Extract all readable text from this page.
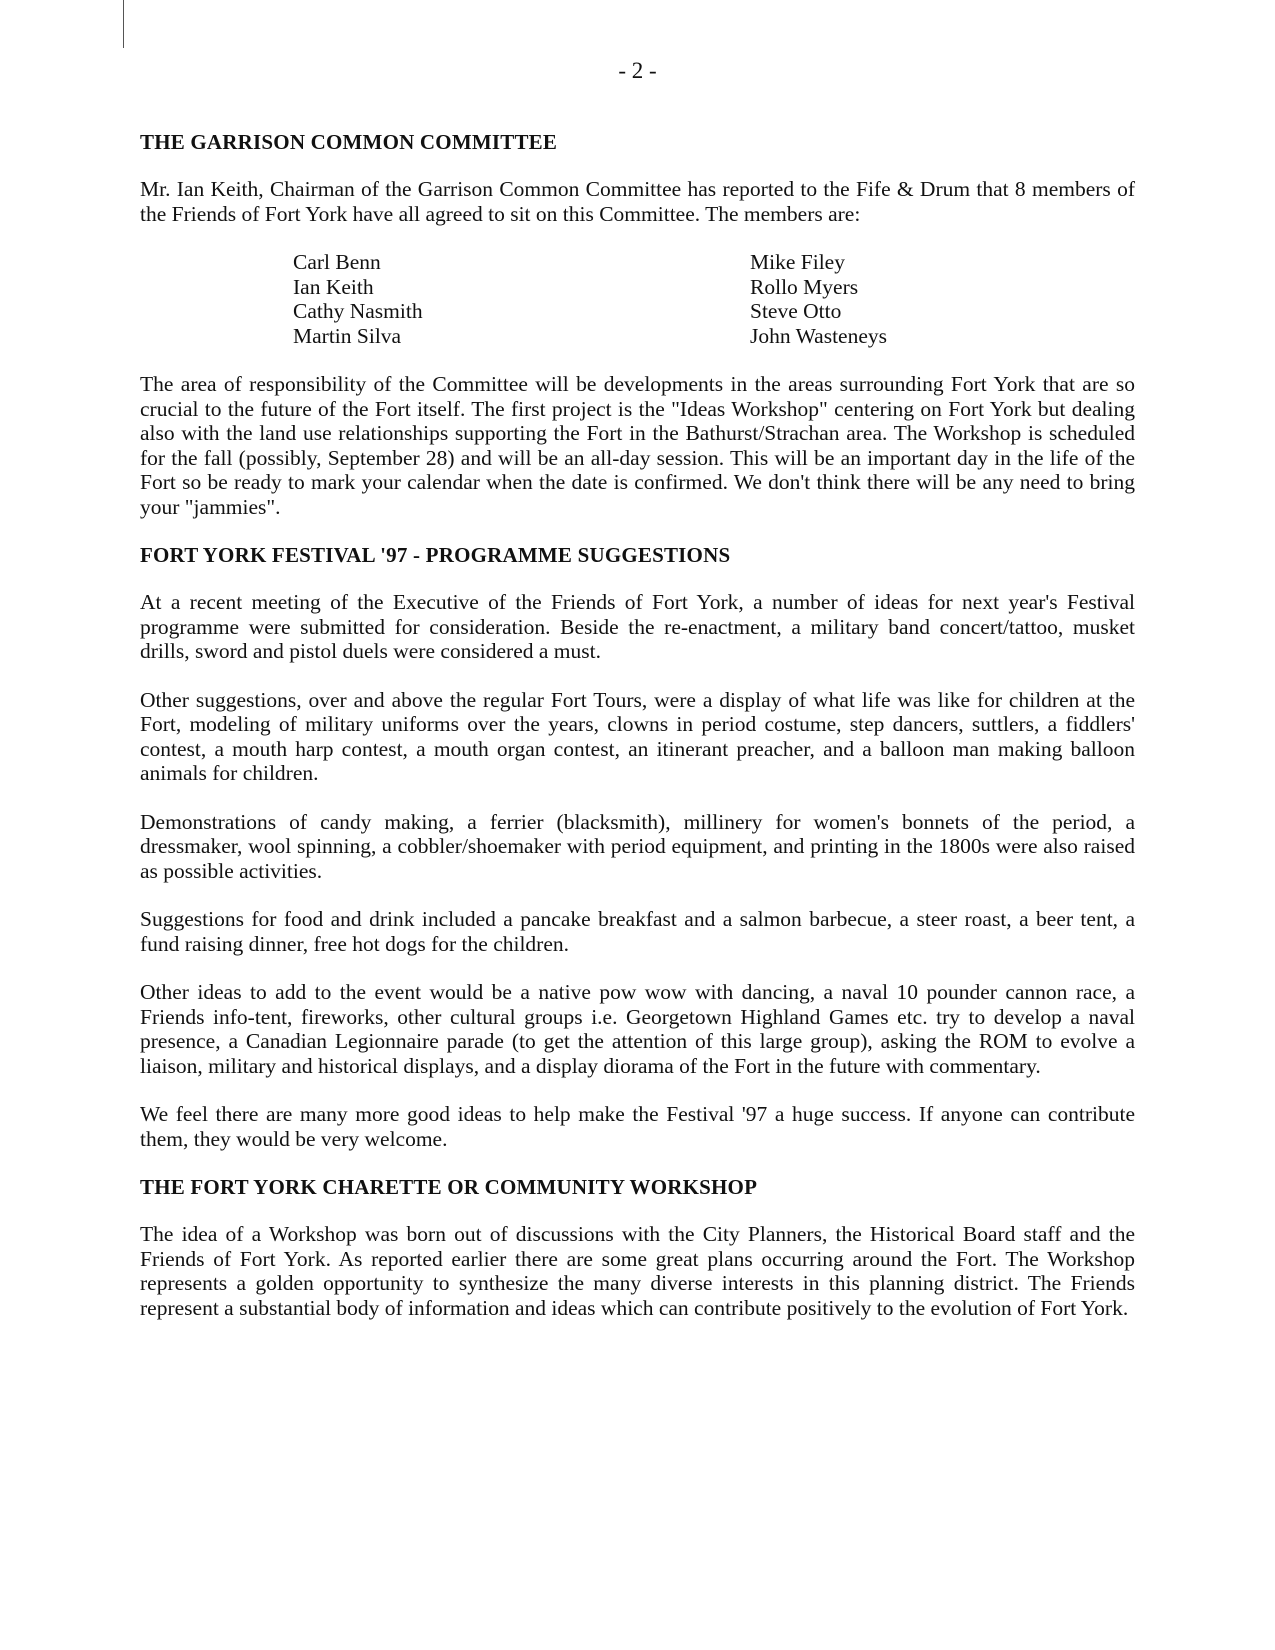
- 2 -
THE GARRISON COMMON COMMITTEE

Mr. Ian Keith, Chairman of the Garrison Common Committee has reported to the Fife & Drum that 8 members of the Friends of Fort York have all agreed to sit on this Committee. The members are:

Carl Benn
Ian Keith
Cathy Nasmith
Martin Silva
Mike Filey
Rollo Myers
Steve Otto
John Wasteneys

The area of responsibility of the Committee will be developments in the areas surrounding Fort York that are so crucial to the future of the Fort itself. The first project is the "Ideas Workshop" centering on Fort York but dealing also with the land use relationships supporting the Fort in the Bathurst/Strachan area. The Workshop is scheduled for the fall (possibly, September 28) and will be an all-day session. This will be an important day in the life of the Fort so be ready to mark your calendar when the date is confirmed. We don't think there will be any need to bring your "jammies".

FORT YORK FESTIVAL '97 - PROGRAMME SUGGESTIONS

At a recent meeting of the Executive of the Friends of Fort York, a number of ideas for next year's Festival programme were submitted for consideration. Beside the re-enactment, a military band concert/tattoo, musket drills, sword and pistol duels were considered a must.

Other suggestions, over and above the regular Fort Tours, were a display of what life was like for children at the Fort, modeling of military uniforms over the years, clowns in period costume, step dancers, suttlers, a fiddlers' contest, a mouth harp contest, a mouth organ contest, an itinerant preacher, and a balloon man making balloon animals for children.

Demonstrations of candy making, a ferrier (blacksmith), millinery for women's bonnets of the period, a dressmaker, wool spinning, a cobbler/shoemaker with period equipment, and printing in the 1800s were also raised as possible activities.

Suggestions for food and drink included a pancake breakfast and a salmon barbecue, a steer roast, a beer tent, a fund raising dinner, free hot dogs for the children.

Other ideas to add to the event would be a native pow wow with dancing, a naval 10 pounder cannon race, a Friends info-tent, fireworks, other cultural groups i.e. Georgetown Highland Games etc. try to develop a naval presence, a Canadian Legionnaire parade (to get the attention of this large group), asking the ROM to evolve a liaison, military and historical displays, and a display diorama of the Fort in the future with commentary.

We feel there are many more good ideas to help make the Festival '97 a huge success. If anyone can contribute them, they would be very welcome.

THE FORT YORK CHARETTE OR COMMUNITY WORKSHOP

The idea of a Workshop was born out of discussions with the City Planners, the Historical Board staff and the Friends of Fort York. As reported earlier there are some great plans occurring around the Fort. The Workshop represents a golden opportunity to synthesize the many diverse interests in this planning district. The Friends represent a substantial body of information and ideas which can contribute positively to the evolution of Fort York.
